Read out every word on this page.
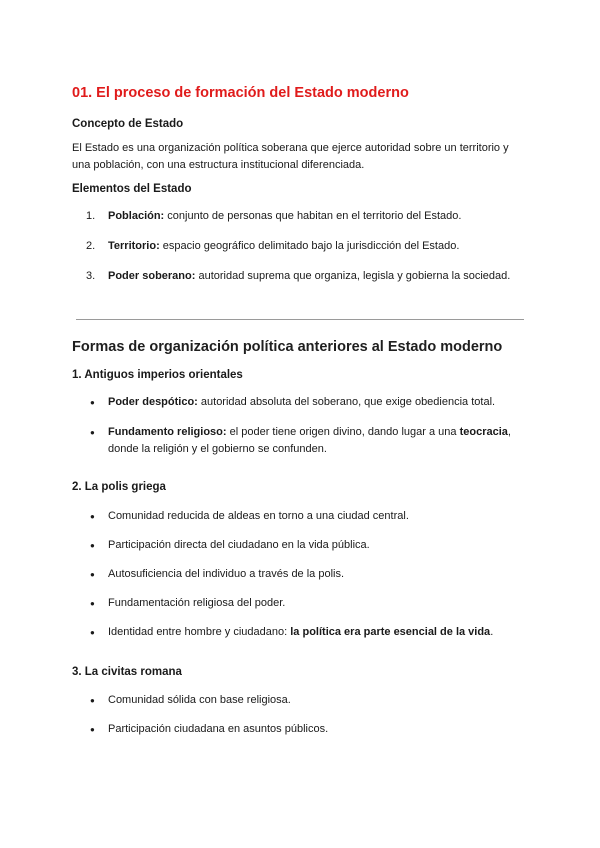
01. El proceso de formación del Estado moderno
Concepto de Estado

El Estado es una organización política soberana que ejerce autoridad sobre un territorio y una población, con una estructura institucional diferenciada.

Elementos del Estado
1.	Población: conjunto de personas que habitan en el territorio del Estado.
2.	Territorio: espacio geográfico delimitado bajo la jurisdicción del Estado.
3.	Poder soberano: autoridad suprema que organiza, legisla y gobierna la sociedad.
Formas de organización política anteriores al Estado moderno
1. Antiguos imperios orientales
● Poder despótico: autoridad absoluta del soberano, que exige obediencia total.
● Fundamento religioso: el poder tiene origen divino, dando lugar a una teocracia, donde la religión y el gobierno se confunden.
2. La polis griega
● Comunidad reducida de aldeas en torno a una ciudad central.
● Participación directa del ciudadano en la vida pública.
● Autosuficiencia del individuo a través de la polis.
● Fundamentación religiosa del poder.
● Identidad entre hombre y ciudadano: la política era parte esencial de la vida.
3. La civitas romana
● Comunidad sólida con base religiosa.
● Participación ciudadana en asuntos públicos.
